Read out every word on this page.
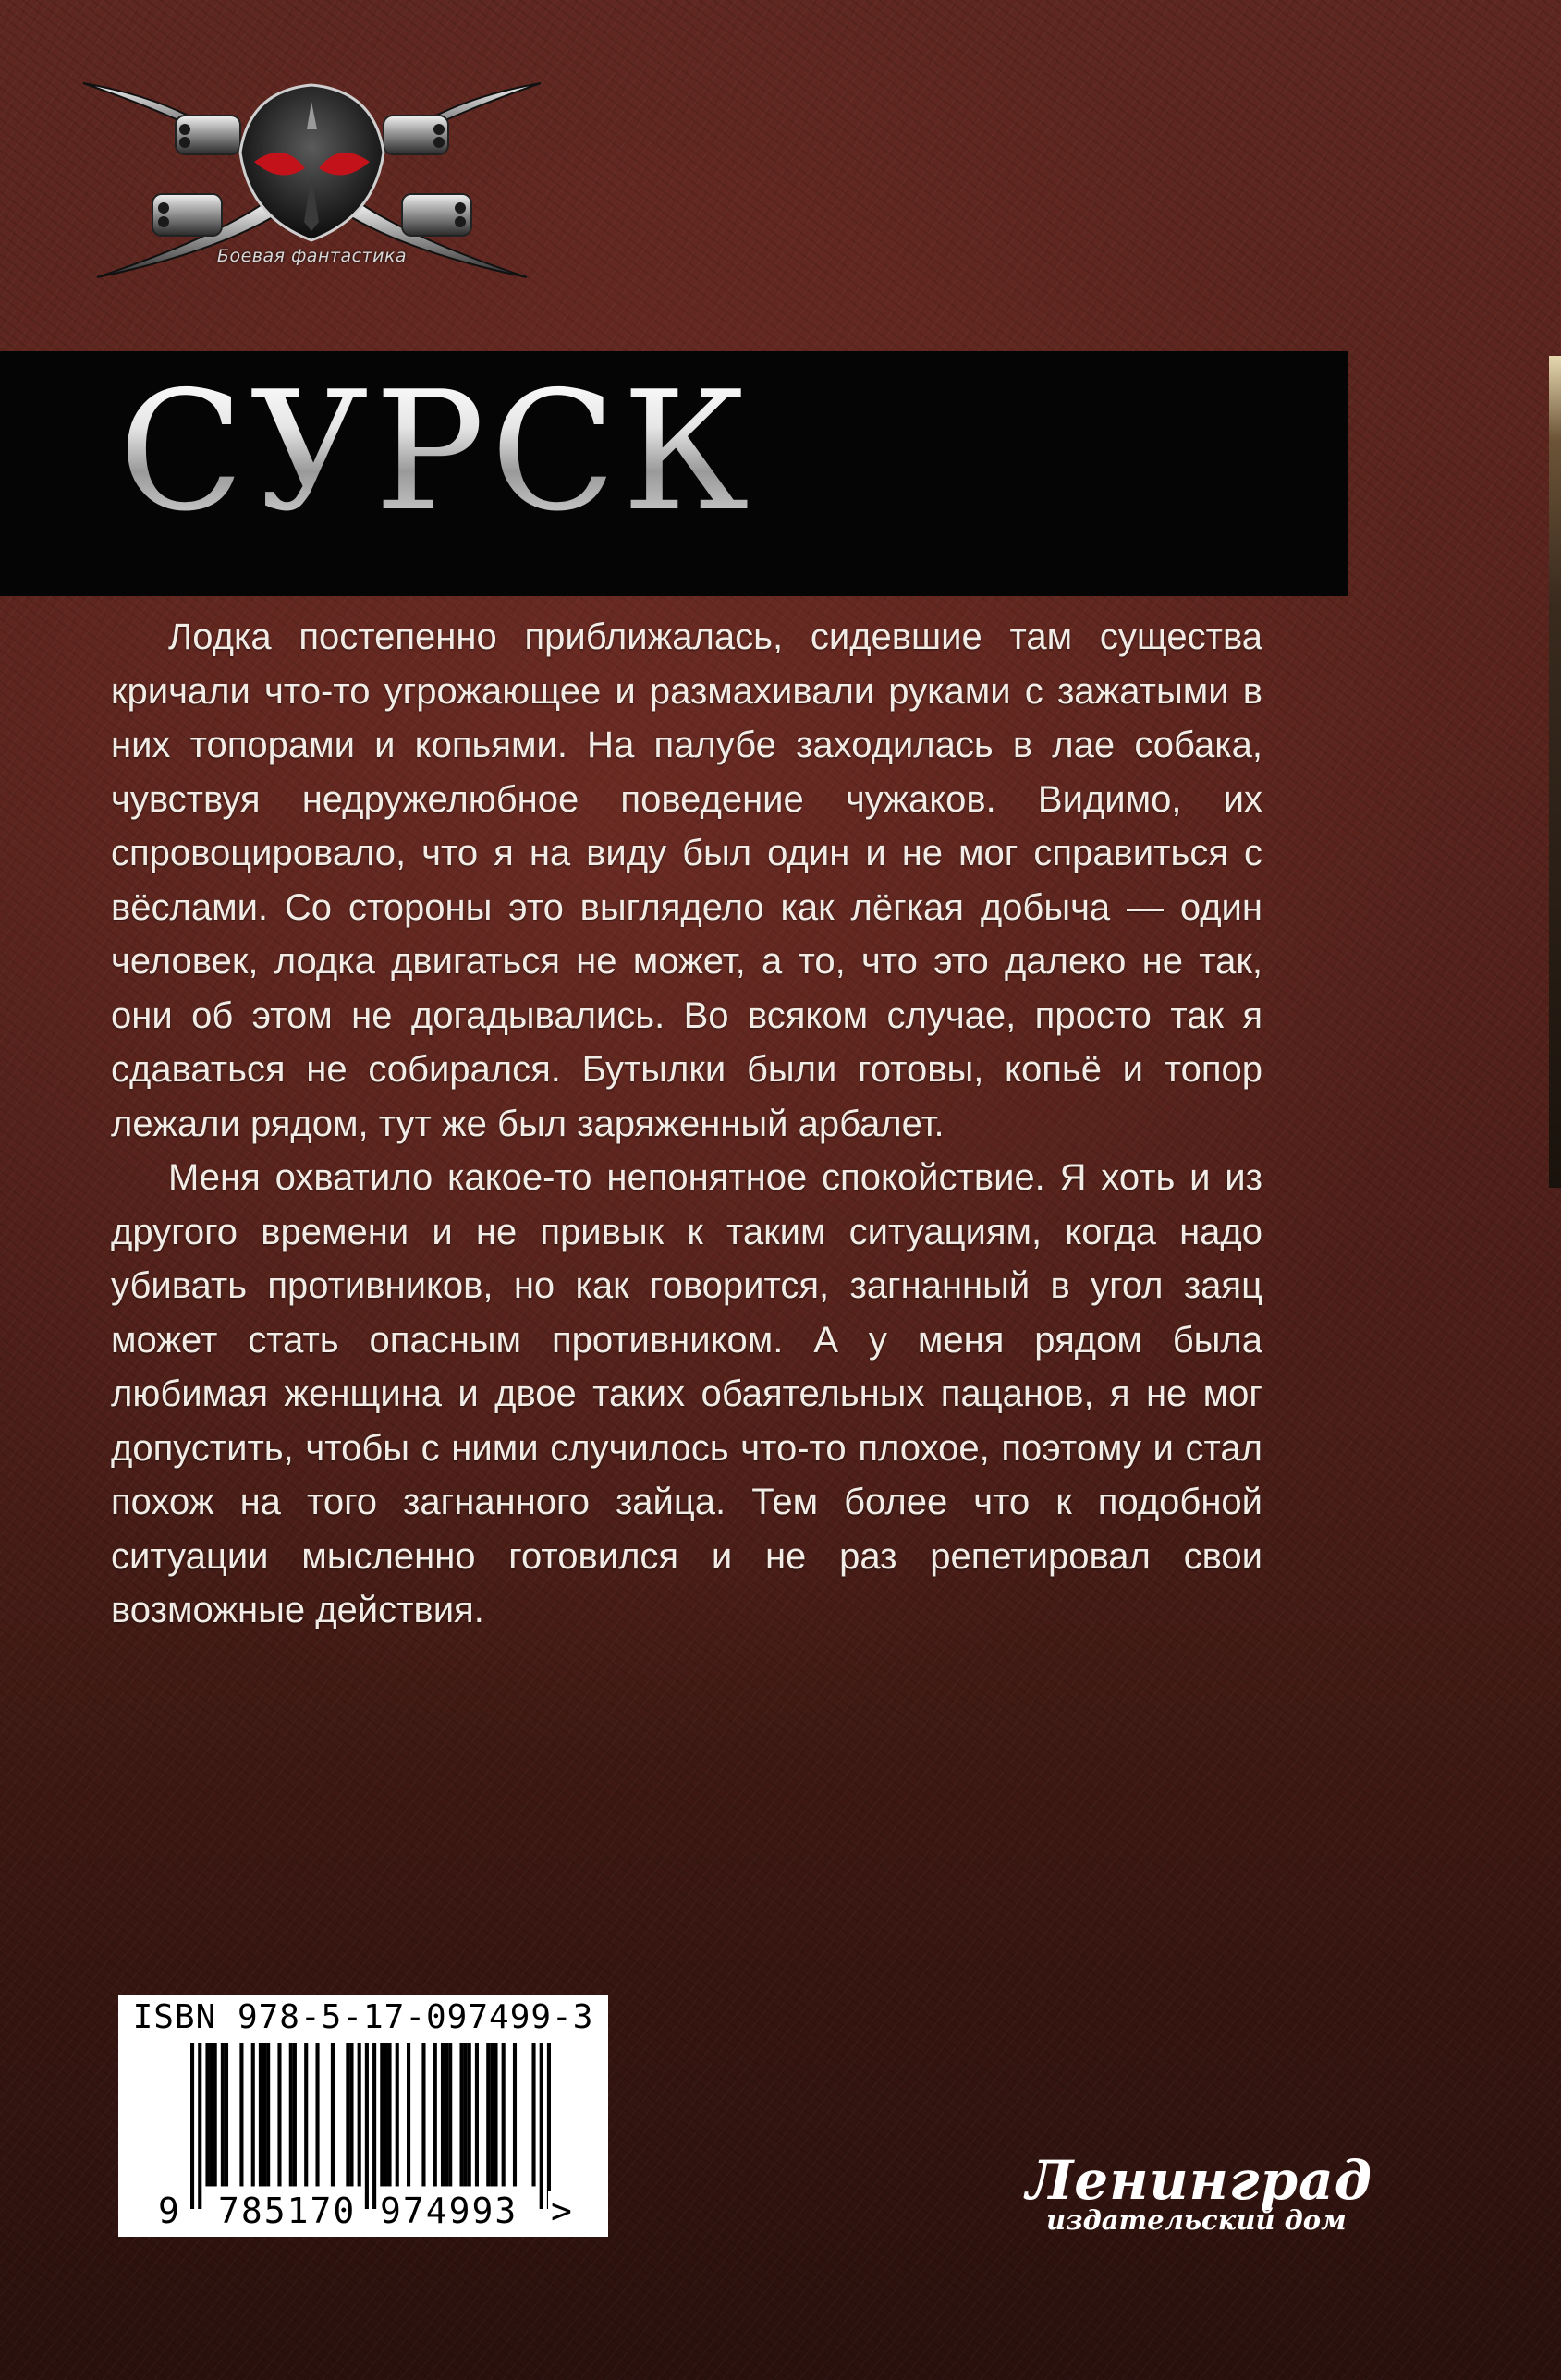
Боевая фантастика
СУРСК

Лодка постепенно приближалась, сидевшие там существа кричали что-то угрожающее и размахивали руками с зажатыми в них топорами и копьями. На палубе заходилась в лае собака, чувствуя недружелюбное поведение чужаков. Видимо, их спровоцировало, что я на виду был один и не мог справиться с вёслами. Со стороны это выглядело как лёгкая добыча — один человек, лодка двигаться не может, а то, что это далеко не так, они об этом не догадывались. Во всяком случае, просто так я сдаваться не собирался. Бутылки были готовы, копьё и топор лежали рядом, тут же был заряженный арбалет.

Меня охватило какое-то непонятное спокойствие. Я хоть и из другого времени и не привык к таким ситуациям, когда надо убивать противников, но как говорится, загнанный в угол заяц может стать опасным противником. А у меня рядом была любимая женщина и двое таких обаятельных пацанов, я не мог допустить, чтобы с ними случилось что-то плохое, поэтому и стал похож на того загнанного зайца. Тем более что к подобной ситуации мысленно готовился и не раз репетировал свои возможные действия.

ISBN 978-5-17-097499-3
9 785170 974993 >	Ленинград
издательский дом
